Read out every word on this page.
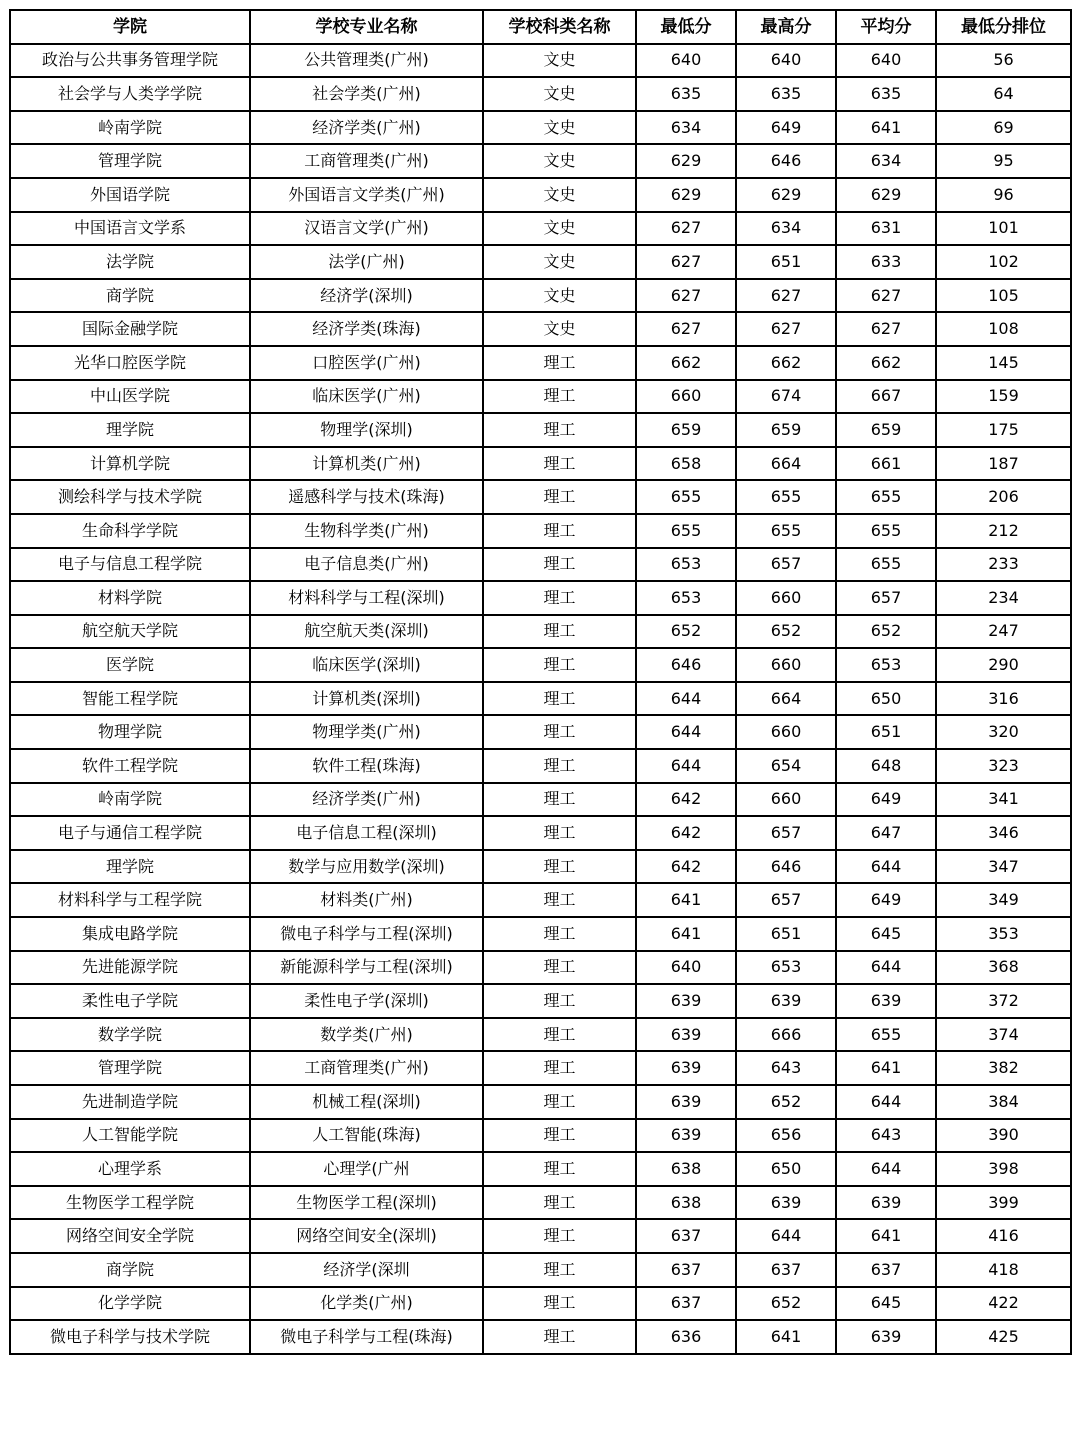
学院	学校专业名称	学校科类名称	最低分	最高分	平均分	最低分排位
政治与公共事务管理学院	公共管理类(广州)	文史	640	640	640	56
社会学与人类学学院	社会学类(广州)	文史	635	635	635	64
岭南学院	经济学类(广州)	文史	634	649	641	69
管理学院	工商管理类(广州)	文史	629	646	634	95
外国语学院	外国语言文学类(广州)	文史	629	629	629	96
中国语言文学系	汉语言文学(广州)	文史	627	634	631	101
法学院	法学(广州)	文史	627	651	633	102
商学院	经济学(深圳)	文史	627	627	627	105
国际金融学院	经济学类(珠海)	文史	627	627	627	108
光华口腔医学院	口腔医学(广州)	理工	662	662	662	145
中山医学院	临床医学(广州)	理工	660	674	667	159
理学院	物理学(深圳)	理工	659	659	659	175
计算机学院	计算机类(广州)	理工	658	664	661	187
测绘科学与技术学院	遥感科学与技术(珠海)	理工	655	655	655	206
生命科学学院	生物科学类(广州)	理工	655	655	655	212
电子与信息工程学院	电子信息类(广州)	理工	653	657	655	233
材料学院	材料科学与工程(深圳)	理工	653	660	657	234
航空航天学院	航空航天类(深圳)	理工	652	652	652	247
医学院	临床医学(深圳)	理工	646	660	653	290
智能工程学院	计算机类(深圳)	理工	644	664	650	316
物理学院	物理学类(广州)	理工	644	660	651	320
软件工程学院	软件工程(珠海)	理工	644	654	648	323
岭南学院	经济学类(广州)	理工	642	660	649	341
电子与通信工程学院	电子信息工程(深圳)	理工	642	657	647	346
理学院	数学与应用数学(深圳)	理工	642	646	644	347
材料科学与工程学院	材料类(广州)	理工	641	657	649	349
集成电路学院	微电子科学与工程(深圳)	理工	641	651	645	353
先进能源学院	新能源科学与工程(深圳)	理工	640	653	644	368
柔性电子学院	柔性电子学(深圳)	理工	639	639	639	372
数学学院	数学类(广州)	理工	639	666	655	374
管理学院	工商管理类(广州)	理工	639	643	641	382
先进制造学院	机械工程(深圳)	理工	639	652	644	384
人工智能学院	人工智能(珠海)	理工	639	656	643	390
心理学系	心理学(广州	理工	638	650	644	398
生物医学工程学院	生物医学工程(深圳)	理工	638	639	639	399
网络空间安全学院	网络空间安全(深圳)	理工	637	644	641	416
商学院	经济学(深圳	理工	637	637	637	418
化学学院	化学类(广州)	理工	637	652	645	422
微电子科学与技术学院	微电子科学与工程(珠海)	理工	636	641	639	425
